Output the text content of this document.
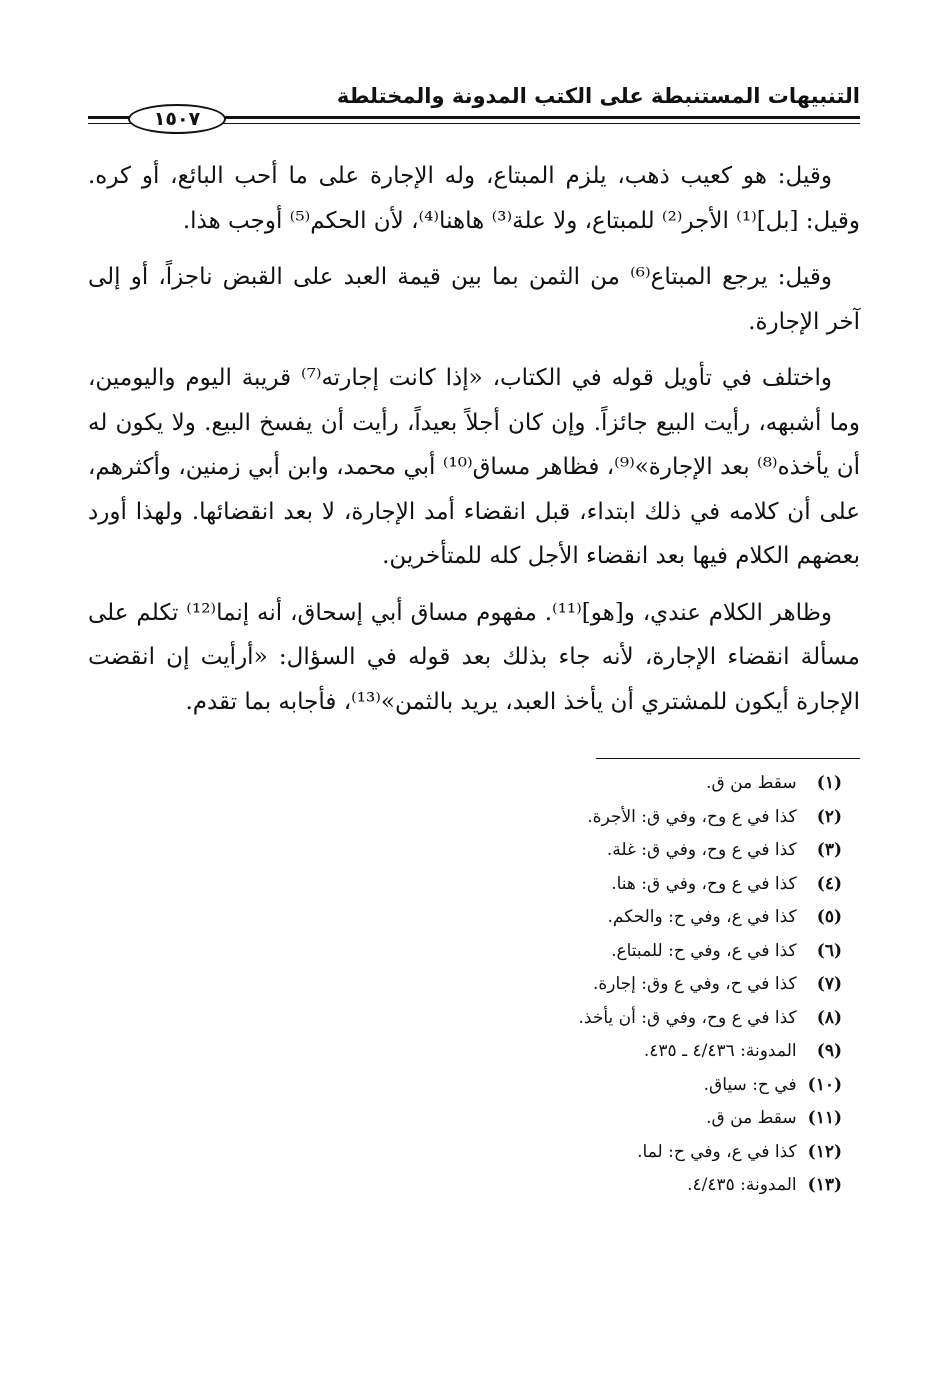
التنبيهات المستنبطة على الكتب المدونة والمختلطة
١٥٠٧

وقيل: هو كعيب ذهب، يلزم المبتاع، وله الإجارة على ما أحب البائع، أو كره. وقيل: [بل]⁽¹⁾ الأجر⁽²⁾ للمبتاع، ولا علة⁽³⁾ هاهنا⁽⁴⁾، لأن الحكم⁽⁵⁾ أوجب هذا.

وقيل: يرجع المبتاع⁽⁶⁾ من الثمن بما بين قيمة العبد على القبض ناجزاً، أو إلى آخر الإجارة.

واختلف في تأويل قوله في الكتاب، «إذا كانت إجارته⁽⁷⁾ قريبة اليوم واليومين، وما أشبهه، رأيت البيع جائزاً. وإن كان أجلاً بعيداً، رأيت أن يفسخ البيع. ولا يكون له أن يأخذه⁽⁸⁾ بعد الإجارة»⁽⁹⁾، فظاهر مساق⁽¹⁰⁾ أبي محمد، وابن أبي زمنين، وأكثرهم، على أن كلامه في ذلك ابتداء، قبل انقضاء أمد الإجارة، لا بعد انقضائها. ولهذا أورد بعضهم الكلام فيها بعد انقضاء الأجل كله للمتأخرين.

وظاهر الكلام عندي، و[هو]⁽¹¹⁾. مفهوم مساق أبي إسحاق، أنه إنما⁽¹²⁾ تكلم على مسألة انقضاء الإجارة، لأنه جاء بذلك بعد قوله في السؤال: «أرأيت إن انقضت الإجارة أيكون للمشتري أن يأخذ العبد، يريد بالثمن»⁽¹³⁾، فأجابه بما تقدم.

(١) سقط من ق.
(٢) كذا في ع وح، وفي ق: الأجرة.
(٣) كذا في ع وح، وفي ق: غلة.
(٤) كذا في ع وح، وفي ق: هنا.
(٥) كذا في ع، وفي ح: والحكم.
(٦) كذا في ع، وفي ح: للمبتاع.
(٧) كذا في ح، وفي ع وق: إجارة.
(٨) كذا في ع وح، وفي ق: أن يأخذ.
(٩) المدونة: ٤/٤٣٦ ـ ٤٣٥.
(١٠) في ح: سياق.
(١١) سقط من ق.
(١٢) كذا في ع، وفي ح: لما.
(١٣) المدونة: ٤/٤٣٥.
